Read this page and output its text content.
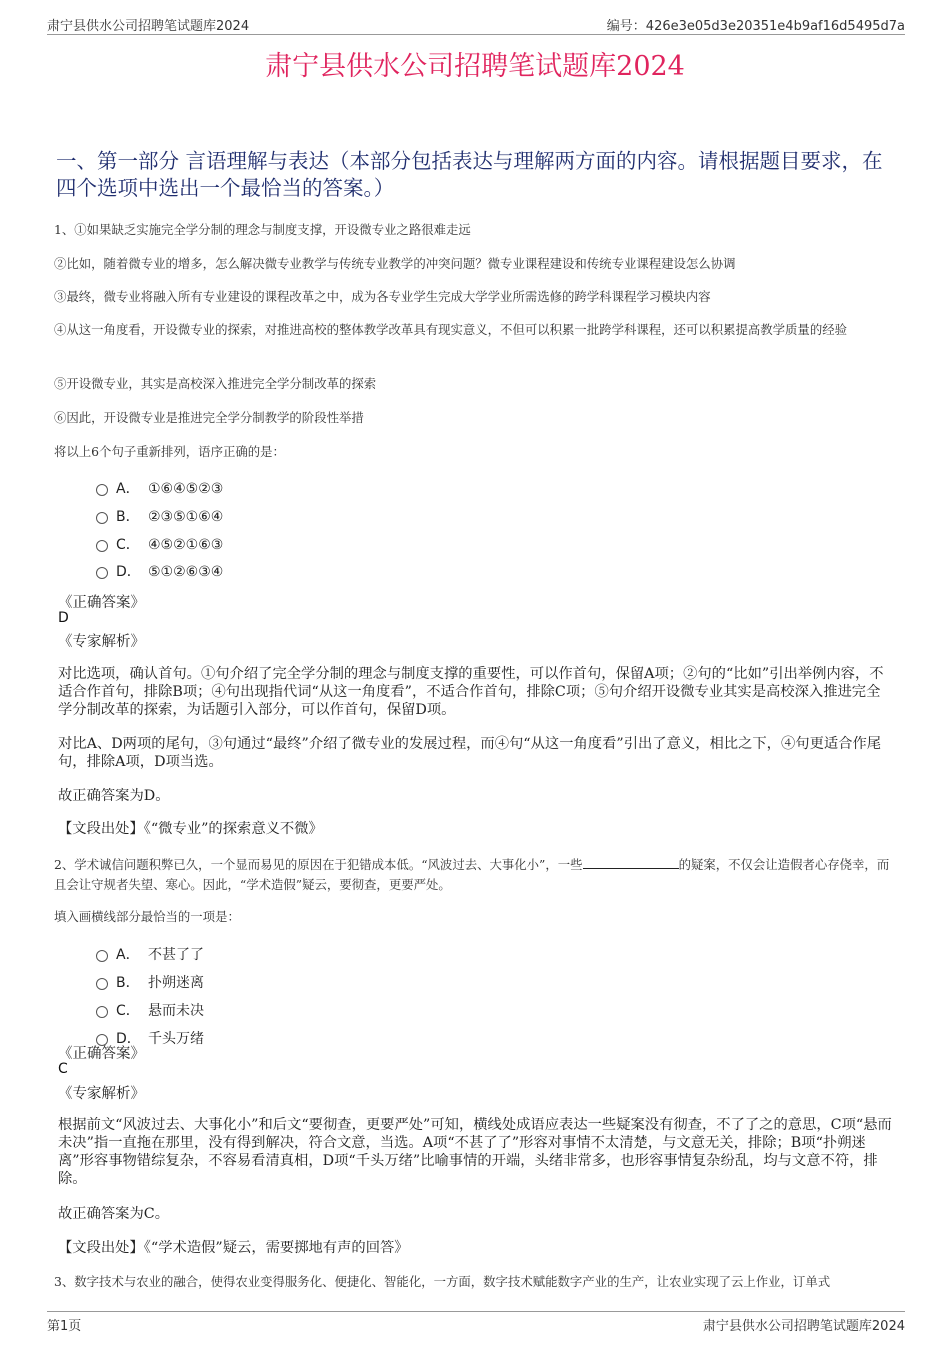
肃宁县供水公司招聘笔试题库2024	编号：426e3e05d3e20351e4b9af16d5495d7a
肃宁县供水公司招聘笔试题库2024
一、第一部分 言语理解与表达（本部分包括表达与理解两方面的内容。请根据题目要求，在四个选项中选出一个最恰当的答案。）
1、①如果缺乏实施完全学分制的理念与制度支撑，开设微专业之路很难走远
②比如，随着微专业的增多，怎么解决微专业教学与传统专业教学的冲突问题？微专业课程建设和传统专业课程建设怎么协调
③最终，微专业将融入所有专业建设的课程改革之中，成为各专业学生完成大学学业所需选修的跨学科课程学习模块内容
④从这一角度看，开设微专业的探索，对推进高校的整体教学改革具有现实意义，不但可以积累一批跨学科课程，还可以积累提高教学质量的经验
⑤开设微专业，其实是高校深入推进完全学分制改革的探索
⑥因此，开设微专业是推进完全学分制教学的阶段性举措
将以上6个句子重新排列，语序正确的是：
A． ①⑥④⑤②③
B． ②③⑤①⑥④
C． ④⑤②①⑥③
D． ⑤①②⑥③④
《正确答案》
D
《专家解析》
对比选项，确认首句。①句介绍了完全学分制的理念与制度支撑的重要性，可以作首句，保留A项；②句的“比如”引出举例内容，不适合作首句，排除B项；④句出现指代词“从这一角度看”，不适合作首句，排除C项；⑤句介绍开设微专业其实是高校深入推进完全学分制改革的探索，为话题引入部分，可以作首句，保留D项。
对比A、D两项的尾句，③句通过“最终”介绍了微专业的发展过程，而④句“从这一角度看”引出了意义，相比之下，④句更适合作尾句，排除A项，D项当选。
故正确答案为D。
【文段出处】《“微专业”的探索意义不微》
2、学术诚信问题积弊已久，一个显而易见的原因在于犯错成本低。“风波过去、大事化小”，一些	的疑案，不仅会让造假者心存侥幸，而且会让守规者失望、寒心。因此，“学术造假”疑云，要彻查，更要严处。
填入画横线部分最恰当的一项是：
A． 不甚了了
B． 扑朔迷离
C． 悬而未决
D． 千头万绪
《正确答案》
C
《专家解析》
根据前文“风波过去、大事化小”和后文“要彻查，更要严处”可知，横线处成语应表达一些疑案没有彻查，不了了之的意思，C项“悬而未决”指一直拖在那里，没有得到解决，符合文意，当选。A项“不甚了了”形容对事情不太清楚，与文意无关，排除；B项“扑朔迷离”形容事物错综复杂，不容易看清真相，D项“千头万绪”比喻事情的开端，头绪非常多，也形容事情复杂纷乱，均与文意不符，排除。
故正确答案为C。
【文段出处】《“学术造假”疑云，需要掷地有声的回答》
3、数字技术与农业的融合，使得农业变得服务化、便捷化、智能化，一方面，数字技术赋能数字产业的生产，让农业实现了云上作业，订单式
第1页	肃宁县供水公司招聘笔试题库2024
